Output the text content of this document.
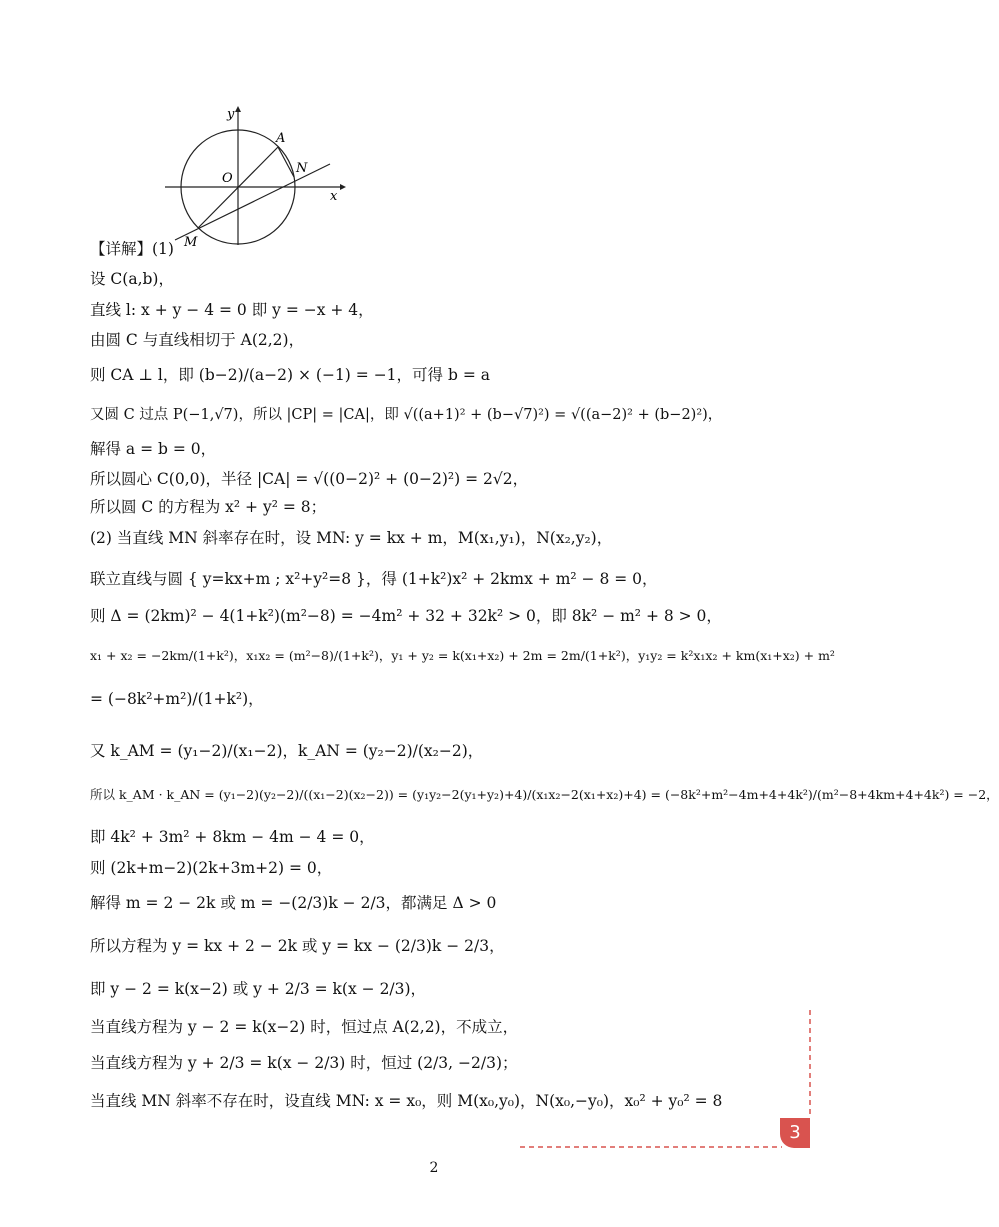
y
x
O
A
N
M
【详解】(1)
设 C(a,b)，
直线 l: x + y − 4 = 0 即 y = −x + 4，
由圆 C 与直线相切于 A(2,2)，
则 CA ⊥ l，即 (b−2)/(a−2) × (−1) = −1，可得 b = a
又圆 C 过点 P(−1,√7)，所以 |CP| = |CA|，即 √((a+1)² + (b−√7)²) = √((a−2)² + (b−2)²)，
解得 a = b = 0，
所以圆心 C(0,0)，半径 |CA| = √((0−2)² + (0−2)²) = 2√2，
所以圆 C 的方程为 x² + y² = 8；
(2) 当直线 MN 斜率存在时，设 MN: y = kx + m，M(x₁,y₁)，N(x₂,y₂)，
联立直线与圆 { y=kx+m ; x²+y²=8 }，得 (1+k²)x² + 2kmx + m² − 8 = 0，
则 Δ = (2km)² − 4(1+k²)(m²−8) = −4m² + 32 + 32k² > 0，即 8k² − m² + 8 > 0，
x₁ + x₂ = −2km/(1+k²)，x₁x₂ = (m²−8)/(1+k²)，y₁ + y₂ = k(x₁+x₂) + 2m = 2m/(1+k²)，y₁y₂ = k²x₁x₂ + km(x₁+x₂) + m²
= (−8k²+m²)/(1+k²)，
又 k_AM = (y₁−2)/(x₁−2)，k_AN = (y₂−2)/(x₂−2)，
所以 k_AM · k_AN = (y₁−2)(y₂−2)/((x₁−2)(x₂−2)) = (y₁y₂−2(y₁+y₂)+4)/(x₁x₂−2(x₁+x₂)+4) = (−8k²+m²−4m+4+4k²)/(m²−8+4km+4+4k²) = −2，
即 4k² + 3m² + 8km − 4m − 4 = 0，
则 (2k+m−2)(2k+3m+2) = 0，
解得 m = 2 − 2k 或 m = −(2/3)k − 2/3，都满足 Δ > 0
所以方程为 y = kx + 2 − 2k 或 y = kx − (2/3)k − 2/3，
即 y − 2 = k(x−2) 或 y + 2/3 = k(x − 2/3)，
当直线方程为 y − 2 = k(x−2) 时，恒过点 A(2,2)，不成立，
当直线方程为 y + 2/3 = k(x − 2/3) 时，恒过 (2/3, −2/3)；
当直线 MN 斜率不存在时，设直线 MN: x = x₀，则 M(x₀,y₀)，N(x₀,−y₀)，x₀² + y₀² = 8
3
2
